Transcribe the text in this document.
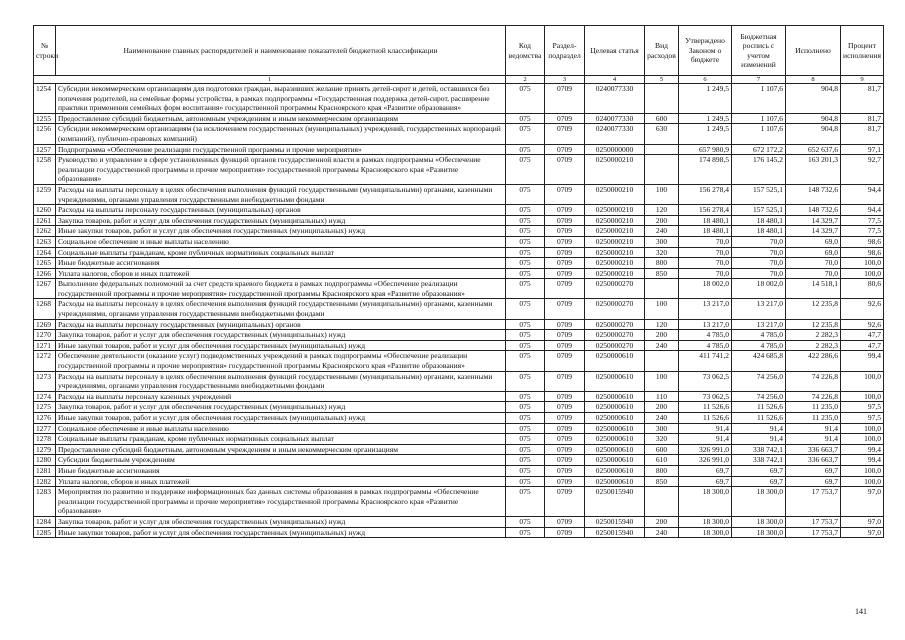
№ строки	Наименование главных распорядителей и наименование показателей бюджетной классификации	Код ведомства	Раздел-подраздел	Целевая статья	Вид расходов	Утверждено Законом о бюджете	Бюджетная роспись с учетом изменений	Исполнено	Процент исполнения
1		2	3	4	5	6	7	8	9
1254	Субсидии некоммерческим организациям для подготовки граждан, выразивших желание принять детей-сирот и детей, оставшихся без попечения родителей, на семейные формы устройства, в рамках подпрограммы «Государственная поддержка детей-сирот, расширение практики применения семейных форм воспитания» государственной программы Красноярского края «Развитие образования»	075	0709	0240077330		1 249,5	1 107,6	904,8	81,7
1255	Предоставление субсидий бюджетным, автономным учреждениям и иным некоммерческим организациям	075	0709	0240077330	600	1 249,5	1 107,6	904,8	81,7
1256	Субсидии некоммерческим организациям (за исключением государственных (муниципальных) учреждений, государственных корпораций (компаний), публично-правовых компаний)	075	0709	0240077330	630	1 249,5	1 107,6	904,8	81,7
1257	Подпрограмма «Обеспечение реализации государственной программы и прочие мероприятия»	075	0709	0250000000		657 980,9	672 172,2	652 637,6	97,1
1258	Руководство и управление в сфере установленных функций органов государственной власти в рамках подпрограммы «Обеспечение реализации государственной программы и прочие мероприятия» государственной программы Красноярского края «Развитие образования»	075	0709	0250000210		174 898,5	176 145,2	163 201,3	92,7
1259	Расходы на выплаты персоналу в целях обеспечения выполнения функций государственными (муниципальными) органами, казенными учреждениями, органами управления государственными внебюджетными фондами	075	0709	0250000210	100	156 278,4	157 525,1	148 732,6	94,4
1260	Расходы на выплаты персоналу государственных (муниципальных) органов	075	0709	0250000210	120	156 278,4	157 525,1	148 732,6	94,4
1261	Закупка товаров, работ и услуг для обеспечения государственных (муниципальных) нужд	075	0709	0250000210	200	18 480,1	18 480,1	14 329,7	77,5
1262	Иные закупки товаров, работ и услуг для обеспечения государственных (муниципальных) нужд	075	0709	0250000210	240	18 480,1	18 480,1	14 329,7	77,5
1263	Социальное обеспечение и иные выплаты населению	075	0709	0250000210	300	70,0	70,0	69,0	98,6
1264	Социальные выплаты гражданам, кроме публичных нормативных социальных выплат	075	0709	0250000210	320	70,0	70,0	69,0	98,6
1265	Иные бюджетные ассигнования	075	0709	0250000210	800	70,0	70,0	70,0	100,0
1266	Уплата налогов, сборов и иных платежей	075	0709	0250000210	850	70,0	70,0	70,0	100,0
1267	Выполнение федеральных полномочий за счет средств краевого бюджета в рамках подпрограммы «Обеспечение реализации государственной программы и прочие мероприятия» государственной программы Красноярского края «Развитие образования»	075	0709	0250000270		18 002,0	18 002,0	14 518,1	80,6
1268	Расходы на выплаты персоналу в целях обеспечения выполнения функций государственными (муниципальными) органами, казенными учреждениями, органами управления государственными внебюджетными фондами	075	0709	0250000270	100	13 217,0	13 217,0	12 235,8	92,6
1269	Расходы на выплаты персоналу государственных (муниципальных) органов	075	0709	0250000270	120	13 217,0	13 217,0	12 235,8	92,6
1270	Закупка товаров, работ и услуг для обеспечения государственных (муниципальных) нужд	075	0709	0250000270	200	4 785,0	4 785,0	2 282,3	47,7
1271	Иные закупки товаров, работ и услуг для обеспечения государственных (муниципальных) нужд	075	0709	0250000270	240	4 785,0	4 785,0	2 282,3	47,7
1272	Обеспечение деятельности (оказание услуг) подведомственных учреждений в рамках подпрограммы «Обеспечение реализации государственной программы и прочие мероприятия» государственной программы Красноярского края «Развитие образования»	075	0709	0250000610		411 741,2	424 685,8	422 286,6	99,4
1273	Расходы на выплаты персоналу в целях обеспечения выполнения функций государственными (муниципальными) органами, казенными учреждениями, органами управления государственными внебюджетными фондами	075	0709	0250000610	100	73 062,5	74 256,0	74 226,8	100,0
1274	Расходы на выплаты персоналу казенных учреждений	075	0709	0250000610	110	73 062,5	74 256,0	74 226,8	100,0
1275	Закупка товаров, работ и услуг для обеспечения государственных (муниципальных) нужд	075	0709	0250000610	200	11 526,6	11 526,6	11 235,0	97,5
1276	Иные закупки товаров, работ и услуг для обеспечения государственных (муниципальных) нужд	075	0709	0250000610	240	11 526,6	11 526,6	11 235,0	97,5
1277	Социальное обеспечение и иные выплаты населению	075	0709	0250000610	300	91,4	91,4	91,4	100,0
1278	Социальные выплаты гражданам, кроме публичных нормативных социальных выплат	075	0709	0250000610	320	91,4	91,4	91,4	100,0
1279	Предоставление субсидий бюджетным, автономным учреждениям и иным некоммерческим организациям	075	0709	0250000610	600	326 991,0	338 742,1	336 663,7	99,4
1280	Субсидии бюджетным учреждениям	075	0709	0250000610	610	326 991,0	338 742,1	336 663,7	99,4
1281	Иные бюджетные ассигнования	075	0709	0250000610	800	69,7	69,7	69,7	100,0
1282	Уплата налогов, сборов и иных платежей	075	0709	0250000610	850	69,7	69,7	69,7	100,0
1283	Мероприятия по развитию и поддержке информационных баз данных системы образования в рамках подпрограммы «Обеспечение реализации государственной программы и прочие мероприятия» государственной программы Красноярского края «Развитие образования»	075	0709	0250015940		18 300,0	18 300,0	17 753,7	97,0
1284	Закупка товаров, работ и услуг для обеспечения государственных (муниципальных) нужд	075	0709	0250015940	200	18 300,0	18 300,0	17 753,7	97,0
1285	Иные закупки товаров, работ и услуг для обеспечения государственных (муниципальных) нужд	075	0709	0250015940	240	18 300,0	18 300,0	17 753,7	97,0
141
